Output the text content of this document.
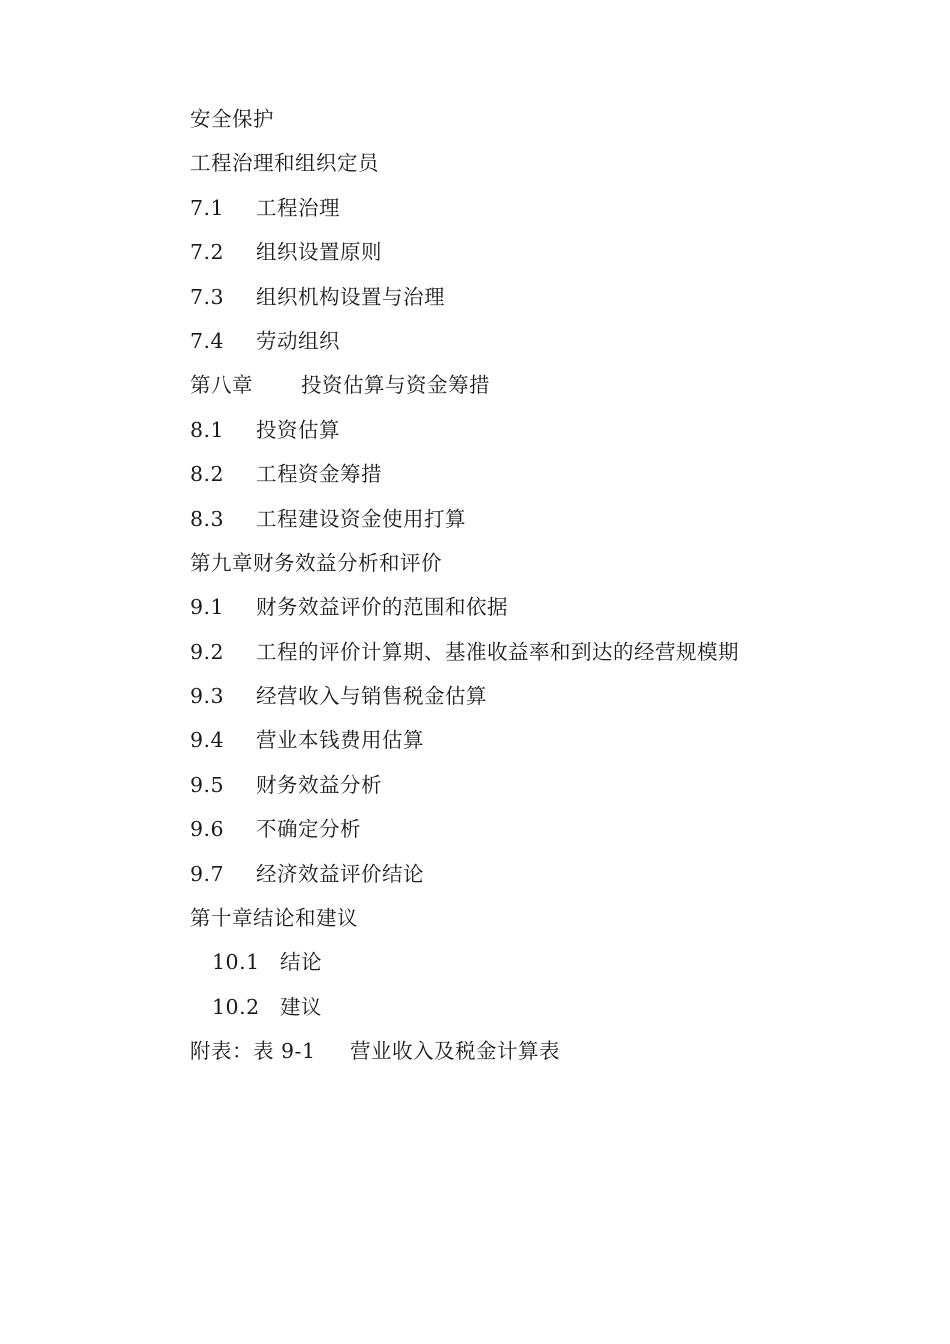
安全保护
工程治理和组织定员
7.1 工程治理
7.2 组织设置原则
7.3 组织机构设置与治理
7.4 劳动组织
第八章 投资估算与资金筹措
8.1 投资估算
8.2 工程资金筹措
8.3 工程建设资金使用打算
第九章财务效益分析和评价
9.1 财务效益评价的范围和依据
9.2 工程的评价计算期、基准收益率和到达的经营规模期
9.3 经营收入与销售税金估算
9.4 营业本钱费用估算
9.5 财务效益分析
9.6 不确定分析
9.7 经济效益评价结论
第十章结论和建议
10.1 结论
10.2 建议
附表：表 9-1 营业收入及税金计算表
